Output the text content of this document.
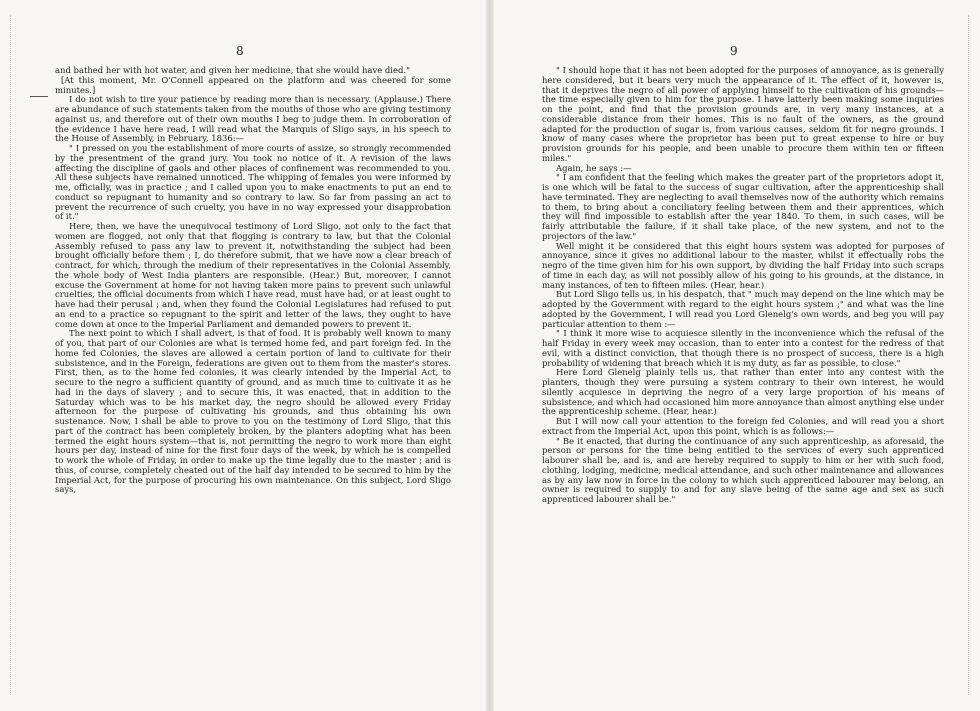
8

and bathed her with hot water, and given her medicine, that she would have died."

[At this moment, Mr. O'Connell appeared on the platform and was cheered for some minutes.]

I do not wish to tire your patience by reading more than is necessary. (Applause.) There are abundance of such statements taken from the mouths of those who are giving testimony against us, and therefore out of their own mouths I beg to judge them. In corroboration of the evidence I have here read, I will read what the Marquis of Sligo says, in his speech to the House of Assembly, in February, 1836:—

" I pressed on you the establishment of more courts of assize, so strongly recommended by the presentment of the grand jury. You took no notice of it. A revision of the laws affecting the discipline of gaols and other places of confinement was recommended to you. All these subjects have remained unnoticed. The whipping of females you were informed by me, officially, was in practice ; and I called upon you to make enactments to put an end to conduct so repugnant to humanity and so contrary to law. So far from passing an act to prevent the recurrence of such cruelty, you have in no way expressed your disapprobation of it."

Here, then, we have the unequivocal testimony of Lord Sligo, not only to the fact that women are flogged, not only that that flogging is contrary to law, but that the Colonial Assembly refused to pass any law to prevent it, notwithstanding the subject had been brought officially before them ; I, do therefore submit, that we have now a clear breach of contract, for which, through the medium of their representatives in the Colonial Assembly, the whole body of West India planters are responsible. (Hear.) But, moreover, I cannot excuse the Government at home for not having taken more pains to prevent such unlawful cruelties, the official documents from which I have read, must have had, or at least ought to have had their perusal ; and, when they found the Colonial Legislatures had refused to put an end to a practice so repugnant to the spirit and letter of the laws, they ought to have come down at once to the Imperial Parliament and demanded powers to prevent it.

The next point to which I shall advert, is that of food. It is probably well known to many of you, that part of our Colonies are what is termed home fed, and part foreign fed. In the home fed Colonies, the slaves are allowed a certain portion of land to cultivate for their subsistence, and in the Foreign, federations are given out to them from the master's stores. First, then, as to the home fed colonies, it was clearly intended by the Imperial Act, to secure to the negro a sufficient quantity of ground, and as much time to cultivate it as he had in the days of slavery ; and to secure this, it was enacted, that in addition to the Saturday which was to be his market day, the negro should be allowed every Friday afternoon for the purpose of cultivating his grounds, and thus obtaining his own sustenance. Now, I shall be able to prove to you on the testimony of Lord Sligo, that this part of the contract has been completely broken, by the planters adopting what has been termed the eight hours system—that is, not permitting the negro to work more than eight hours per day, instead of nine for the first four days of the week, by which he is compelled to work the whole of Friday, in order to make up the time legally due to the master ; and is thus, of course, completely cheated out of the half day intended to be secured to him by the Imperial Act, for the purpose of procuring his own maintenance. On this subject, Lord Sligo says,

9

" I should hope that it has not been adopted for the purposes of annoyance, as is generally here considered, but it bears very much the appearance of it. The effect of it, however is, that it deprives the negro of all power of applying himself to the cultivation of his grounds—the time especially given to him for the purpose. I have latterly been making some inquiries on the point, and find that the provision grounds are, in very many instances, at a considerable distance from their homes. This is no fault of the owners, as the ground adapted for the production of sugar is, from various causes, seldom fit for negro grounds. I know of many cases where the proprietor has been put to great expense to hire or buy provision grounds for his people, and been unable to procure them within ten or fifteen miles."

Again, he says :—

" I am confident that the feeling which makes the greater part of the proprietors adopt it, is one which will be fatal to the success of sugar cultivation, after the apprenticeship shall have terminated. They are neglecting to avail themselves now of the authority which remains to them, to bring about a conciliatory feeling between them and their apprentices, which they will find impossible to establish after the year 1840. To them, in such cases, will be fairly attributable the failure, if it shall take place, of the new system, and not to the projectors of the law."

Well might it be considered that this eight hours system was adopted for purposes of annoyance, since it gives no additional labour to the master, whilst it effectually robs the negro of the time given him for his own support, by dividing the half Friday into such scraps of time in each day, as will not possibly allow of his going to his grounds, at the distance, in many instances, of ten to fifteen miles. (Hear, hear.)

But Lord Sligo tells us, in his despatch, that " much may depend on the line which may be adopted by the Government with regard to the eight hours system ;" and what was the line adopted by the Government, I will read you Lord Glenelg's own words, and beg you will pay particular attention to them :—

" I think it more wise to acquiesce silently in the inconvenience which the refusal of the half Friday in every week may occasion, than to enter into a contest for the redress of that evil, with a distinct conviction, that though there is no prospect of success, there is a high probability of widening that breach which it is my duty, as far as possible, to close."

Here Lord Glenelg plainly tells us, that rather than enter into any contest with the planters, though they were pursuing a system contrary to their own interest, he would silently acquiesce in depriving the negro of a very large proportion of his means of subsistence, and which had occasioned him more annoyance than almost anything else under the apprenticeship scheme. (Hear, hear.)

But I will now call your attention to the foreign fed Colonies, and will read you a short extract from the Imperial Act, upon this point, which is as follows:—

" Be it enacted, that during the continuance of any such apprenticeship, as aforesaid, the person or persons for the time being entitled to the services of every such apprenticed labourer shall be, and is, and are hereby required to supply to him or her with such food, clothing, lodging, medicine, medical attendance, and such other maintenance and allowances as by any law now in force in the colony to which such apprenticed labourer may belong, an owner is required to supply to and for any slave being of the same age and sex as such apprenticed labourer shall be."
